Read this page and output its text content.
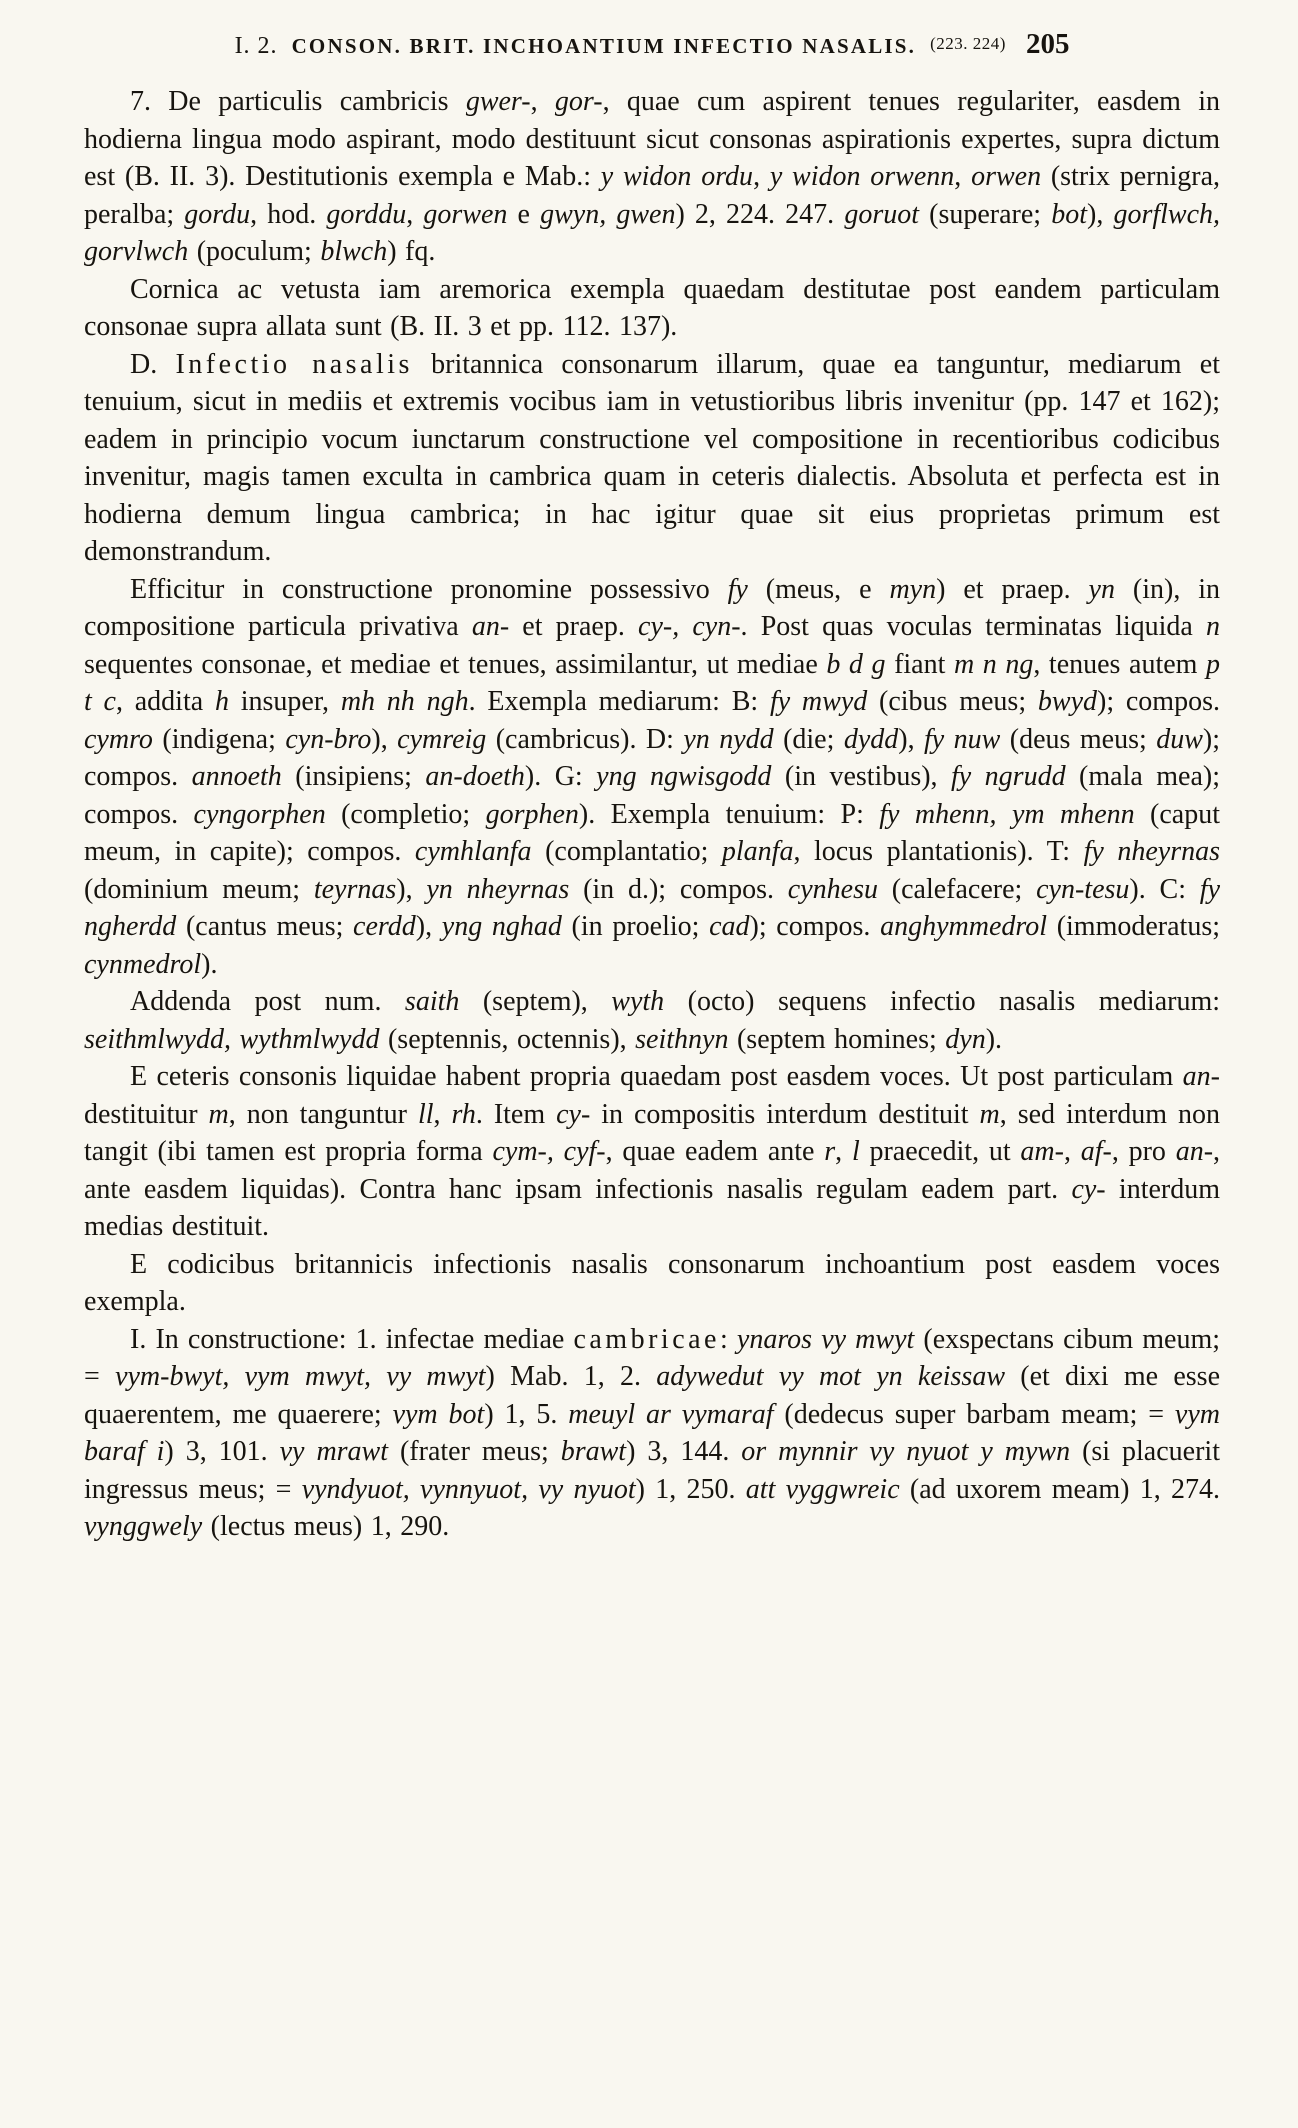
I. 2. CONSON. BRIT. INCHOANTIUM INFECTIO NASALIS. (223. 224) 205

7. De particulis cambricis gwer-, gor-, quae cum aspirent tenues regulariter, easdem in hodierna lingua modo aspirant, modo destituunt sicut consonas aspirationis expertes, supra dictum est (B. II. 3). Destitutionis exempla e Mab.: y widon ordu, y widon orwenn, orwen (strix pernigra, peralba; gordu, hod. gorddu, gorwen e gwyn, gwen) 2, 224. 247. goruot (superare; bot), gorflwch, gorvlwch (poculum; blwch) fq.

Cornica ac vetusta iam aremorica exempla quaedam destitutae post eandem particulam consonae supra allata sunt (B. II. 3 et pp. 112. 137).

D. Infectio nasalis britannica consonarum illarum, quae ea tanguntur, mediarum et tenuium, sicut in mediis et extremis vocibus iam in vetustioribus libris invenitur (pp. 147 et 162); eadem in principio vocum iunctarum constructione vel compositione in recentioribus codicibus invenitur, magis tamen exculta in cambrica quam in ceteris dialectis. Absoluta et perfecta est in hodierna demum lingua cambrica; in hac igitur quae sit eius proprietas primum est demonstrandum.

Efficitur in constructione pronomine possessivo fy (meus, e myn) et praep. yn (in), in compositione particula privativa an- et praep. cy-, cyn-. Post quas voculas terminatas liquida n sequentes consonae, et mediae et tenues, assimilantur, ut mediae b d g fiant m n ng, tenues autem p t c, addita h insuper, mh nh ngh. Exempla mediarum: B: fy mwyd (cibus meus; bwyd); compos. cymro (indigena; cyn-bro), cymreig (cambricus). D: yn nydd (die; dydd), fy nuw (deus meus; duw); compos. annoeth (insipiens; an-doeth). G: yng ngwisgodd (in vestibus), fy ngrudd (mala mea); compos. cyngorphen (completio; gorphen). Exempla tenuium: P: fy mhenn, ym mhenn (caput meum, in capite); compos. cymhlanfa (complantatio; planfa, locus plantationis). T: fy nheyrnas (dominium meum; teyrnas), yn nheyrnas (in d.); compos. cynhesu (calefacere; cyn-tesu). C: fy ngherdd (cantus meus; cerdd), yng nghad (in proelio; cad); compos. anghymmedrol (immoderatus; cynmedrol).

Addenda post num. saith (septem), wyth (octo) sequens infectio nasalis mediarum: seithmlwydd, wythmlwydd (septennis, octennis), seithnyn (septem homines; dyn).

E ceteris consonis liquidae habent propria quaedam post easdem voces. Ut post particulam an- destituitur m, non tanguntur ll, rh. Item cy- in compositis interdum destituit m, sed interdum non tangit (ibi tamen est propria forma cym-, cyf-, quae eadem ante r, l praecedit, ut am-, af-, pro an-, ante easdem liquidas). Contra hanc ipsam infectionis nasalis regulam eadem part. cy- interdum medias destituit.

E codicibus britannicis infectionis nasalis consonarum inchoantium post easdem voces exempla.

I. In constructione: 1. infectae mediae cambricae: ynaros vy mwyt (exspectans cibum meum; = vym-bwyt, vym mwyt, vy mwyt) Mab. 1, 2. adywedut vy mot yn keissaw (et dixi me esse quaerentem, me quaerere; vym bot) 1, 5. meuyl ar vymaraf (dedecus super barbam meam; = vym baraf i) 3, 101. vy mrawt (frater meus; brawt) 3, 144. or mynnir vy nyuot y mywn (si placuerit ingressus meus; = vyndyuot, vynnyuot, vy nyuot) 1, 250. att vyggwreic (ad uxorem meam) 1, 274. vynggwely (lectus meus) 1, 290.
